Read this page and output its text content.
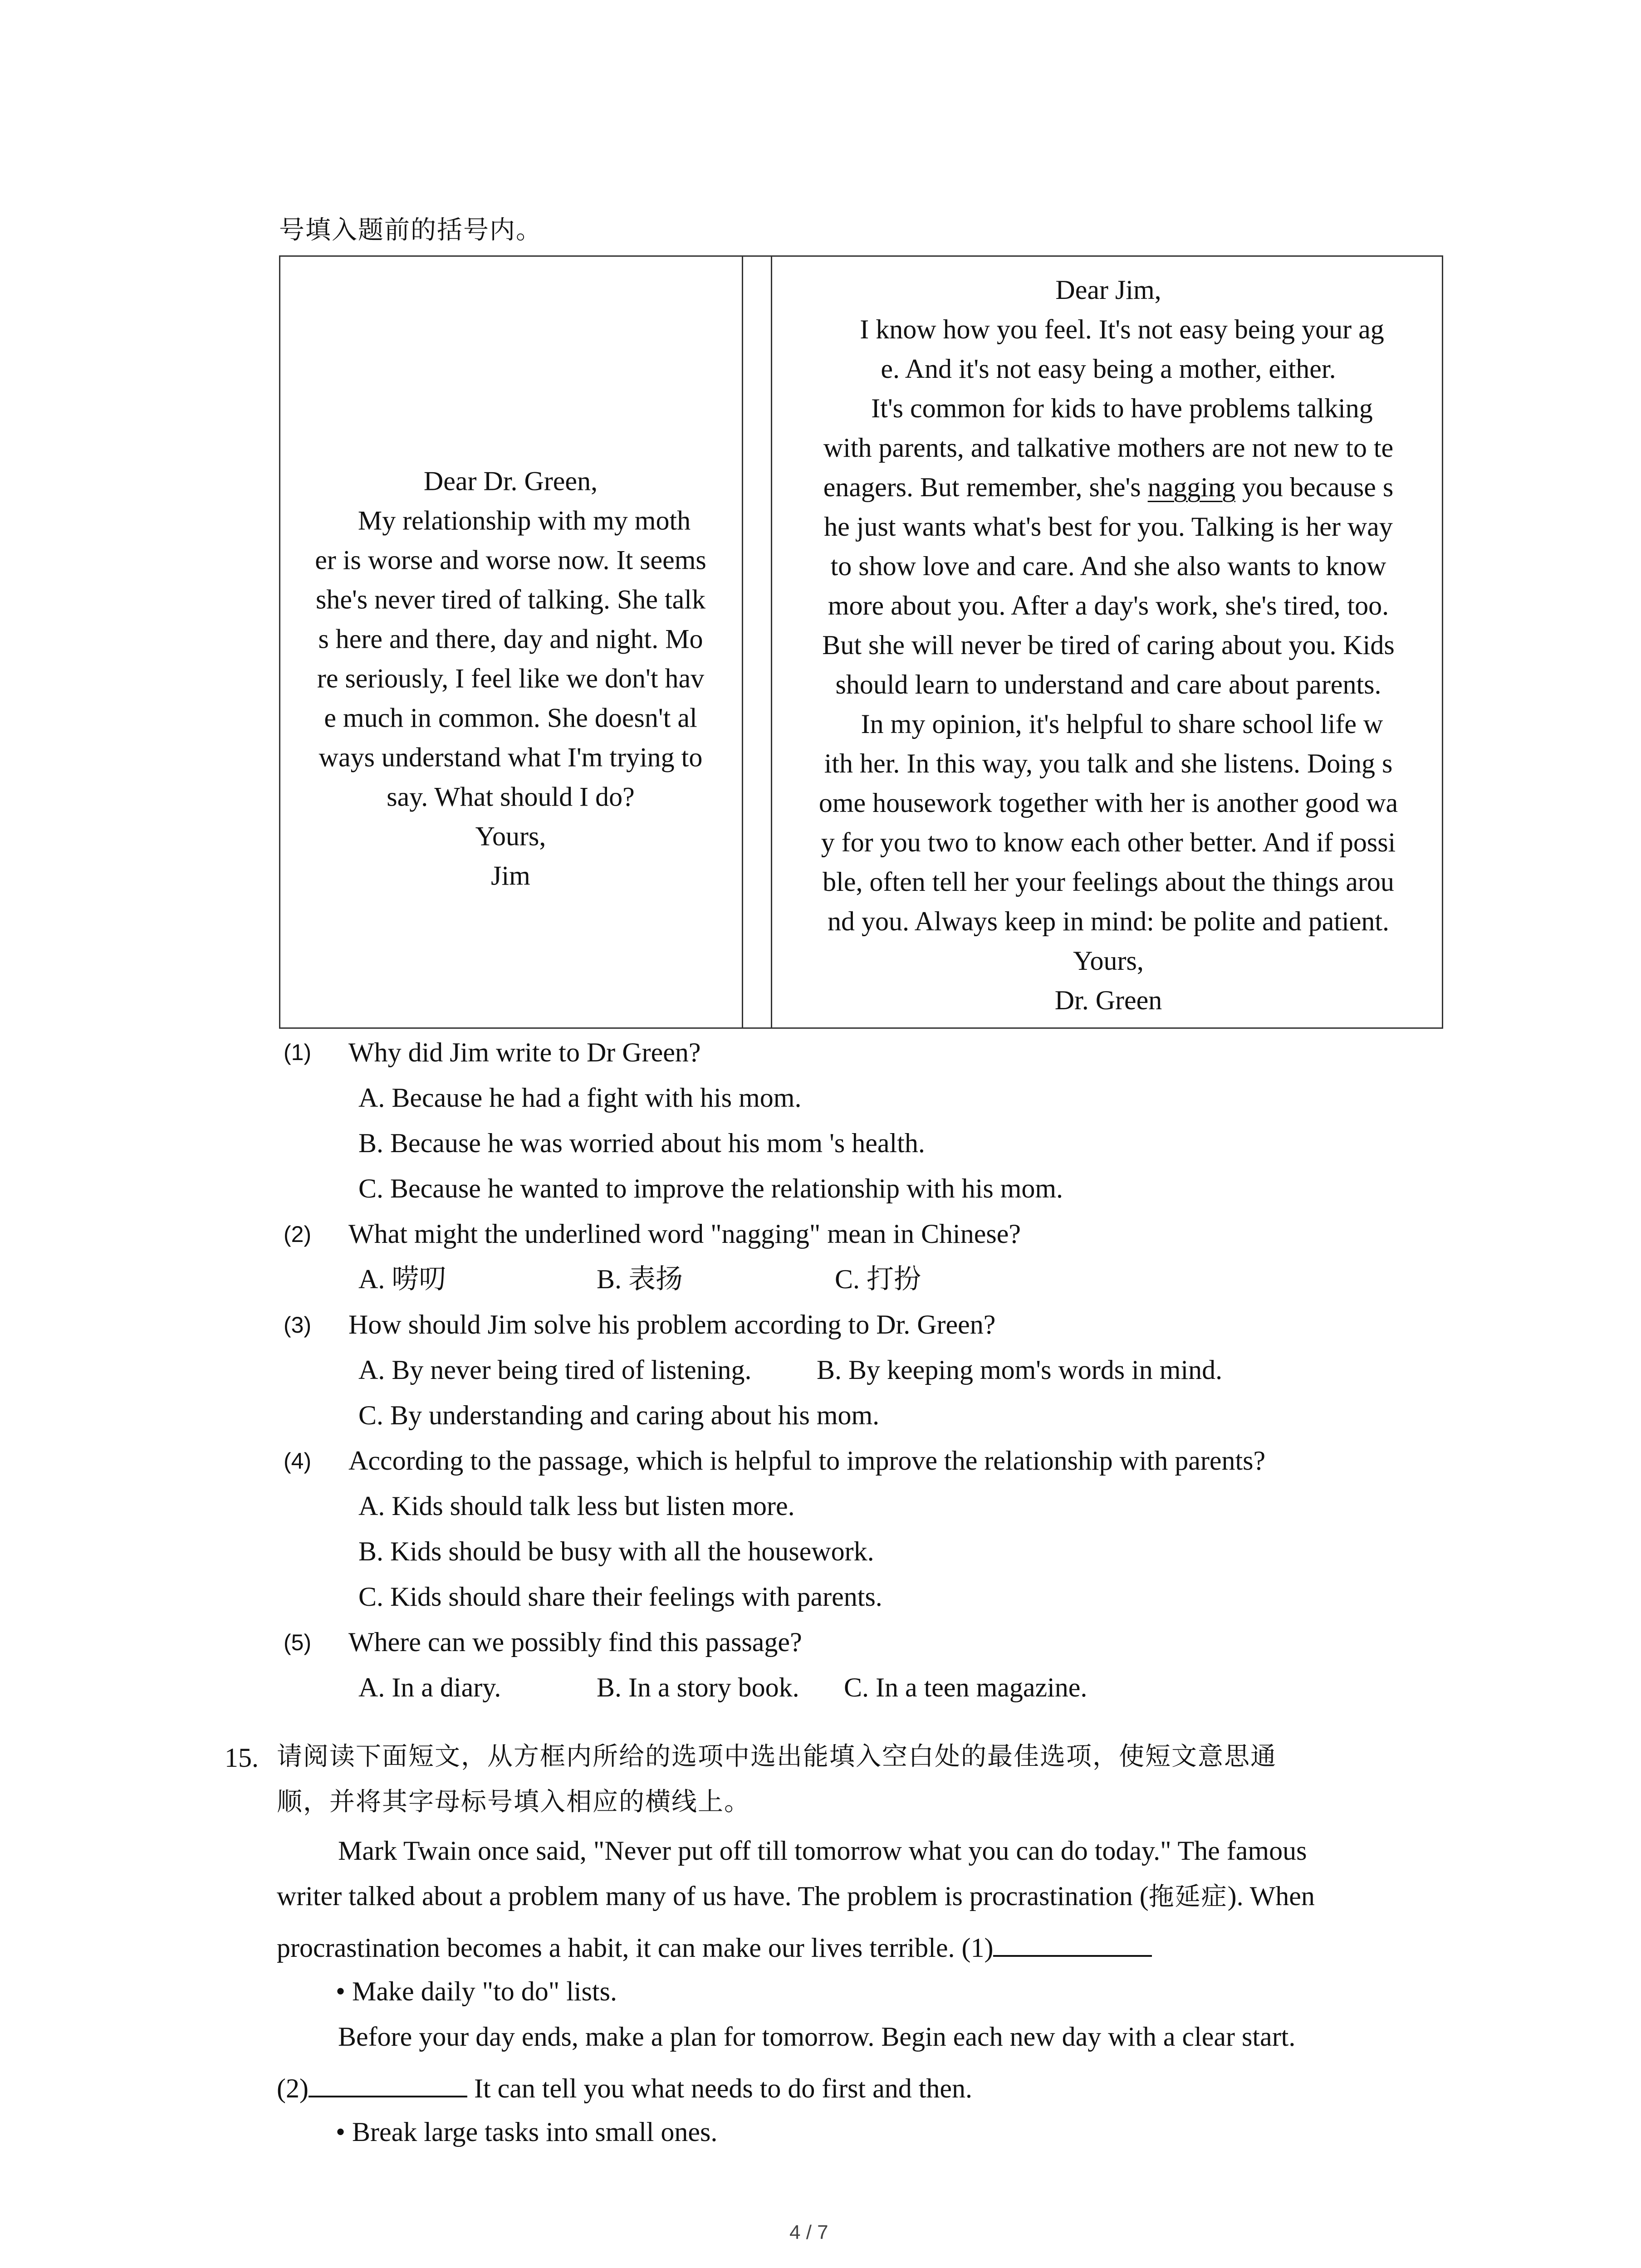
号填入题前的括号内。
Dear Dr. Green,
My relationship with my moth
er is worse and worse now. It seems
she's never tired of talking. She talk
s here and there, day and night. Mo
re seriously, I feel like we don't hav
e much in common. She doesn't al
ways understand what I'm trying to
say. What should I do?
Yours,
Jim
Dear Jim,
I know how you feel. It's not easy being your ag
e. And it's not easy being a mother, either.
It's common for kids to have problems talking
with parents, and talkative mothers are not new to te
enagers. But remember, she's nagging you because s
he just wants what's best for you. Talking is her way
to show love and care. And she also wants to know
more about you. After a day's work, she's tired, too.
But she will never be tired of caring about you. Kids
should learn to understand and care about parents.
In my opinion, it's helpful to share school life w
ith her. In this way, you talk and she listens. Doing s
ome housework together with her is another good wa
y for you two to know each other better. And if possi
ble, often tell her your feelings about the things arou
nd you. Always keep in mind: be polite and patient.
Yours,
Dr. Green
(1) Why did Jim write to Dr Green?
A. Because he had a fight with his mom.
B. Because he was worried about his mom 's health.
C. Because he wanted to improve the relationship with his mom.
(2) What might the underlined word "nagging" mean in Chinese?
A. 唠叨	B. 表扬	C. 打扮
(3) How should Jim solve his problem according to Dr. Green?
A. By never being tired of listening. B. By keeping mom's words in mind.
C. By understanding and caring about his mom.
(4) According to the passage, which is helpful to improve the relationship with parents?
A. Kids should talk less but listen more.
B. Kids should be busy with all the housework.
C. Kids should share their feelings with parents.
(5) Where can we possibly find this passage?
A. In a diary.	B. In a story book. C. In a teen magazine.
15. 请阅读下面短文，从方框内所给的选项中选出能填入空白处的最佳选项，使短文意思通
顺，并将其字母标号填入相应的横线上。
Mark Twain once said, "Never put off till tomorrow what you can do today." The famous
writer talked about a problem many of us have. The problem is procrastination (拖延症). When
procrastination becomes a habit, it can make our lives terrible. (1)
• Make daily "to do" lists.
Before your day ends, make a plan for tomorrow. Begin each new day with a clear start.
(2)	It can tell you what needs to do first and then.
• Break large tasks into small ones.
4 / 7
